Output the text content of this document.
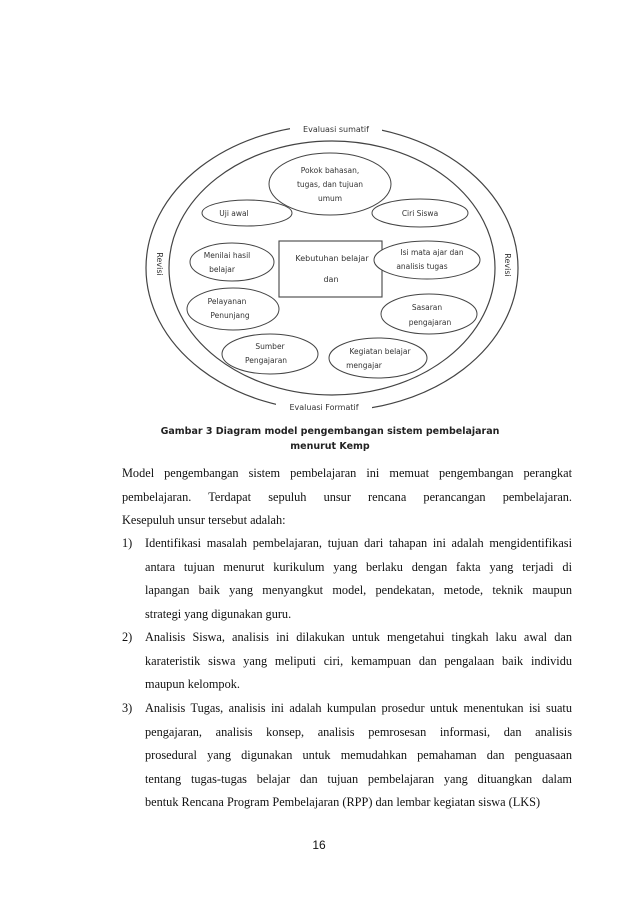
Evaluasi sumatif
Evaluasi Formatif
Revisi	Revisi
Kebutuhan belajar
dan
Pokok bahasan,
tugas, dan tujuan
umum
Uji awal	Ciri Siswa
Menilai hasil
belajar
Isi mata ajar dan
analisis tugas
Pelayanan
Penunjang
Sasaran
pengajaran
Sumber
Pengajaran
Kegiatan belajar
mengajar
Gambar 3 Diagram model pengembangan sistem pembelajaran
menurut Kemp
Model pengembangan sistem pembelajaran ini memuat pengembangan perangkat
pembelajaran. Terdapat sepuluh unsur rencana perancangan pembelajaran.
Kesepuluh unsur tersebut adalah:
1) Identifikasi masalah pembelajaran, tujuan dari tahapan ini adalah mengidentifikasi
antara tujuan menurut kurikulum yang berlaku dengan fakta yang terjadi di
lapangan baik yang menyangkut model, pendekatan, metode, teknik maupun
strategi yang digunakan guru.
2) Analisis Siswa, analisis ini dilakukan untuk mengetahui tingkah laku awal dan
karateristik siswa yang meliputi ciri, kemampuan dan pengalaan baik individu
maupun kelompok.
3) Analisis Tugas, analisis ini adalah kumpulan prosedur untuk menentukan isi suatu
pengajaran, analisis konsep, analisis pemrosesan informasi, dan analisis
prosedural yang digunakan untuk memudahkan pemahaman dan penguasaan
tentang tugas-tugas belajar dan tujuan pembelajaran yang dituangkan dalam
bentuk Rencana Program Pembelajaran (RPP) dan lembar kegiatan siswa (LKS)
16
